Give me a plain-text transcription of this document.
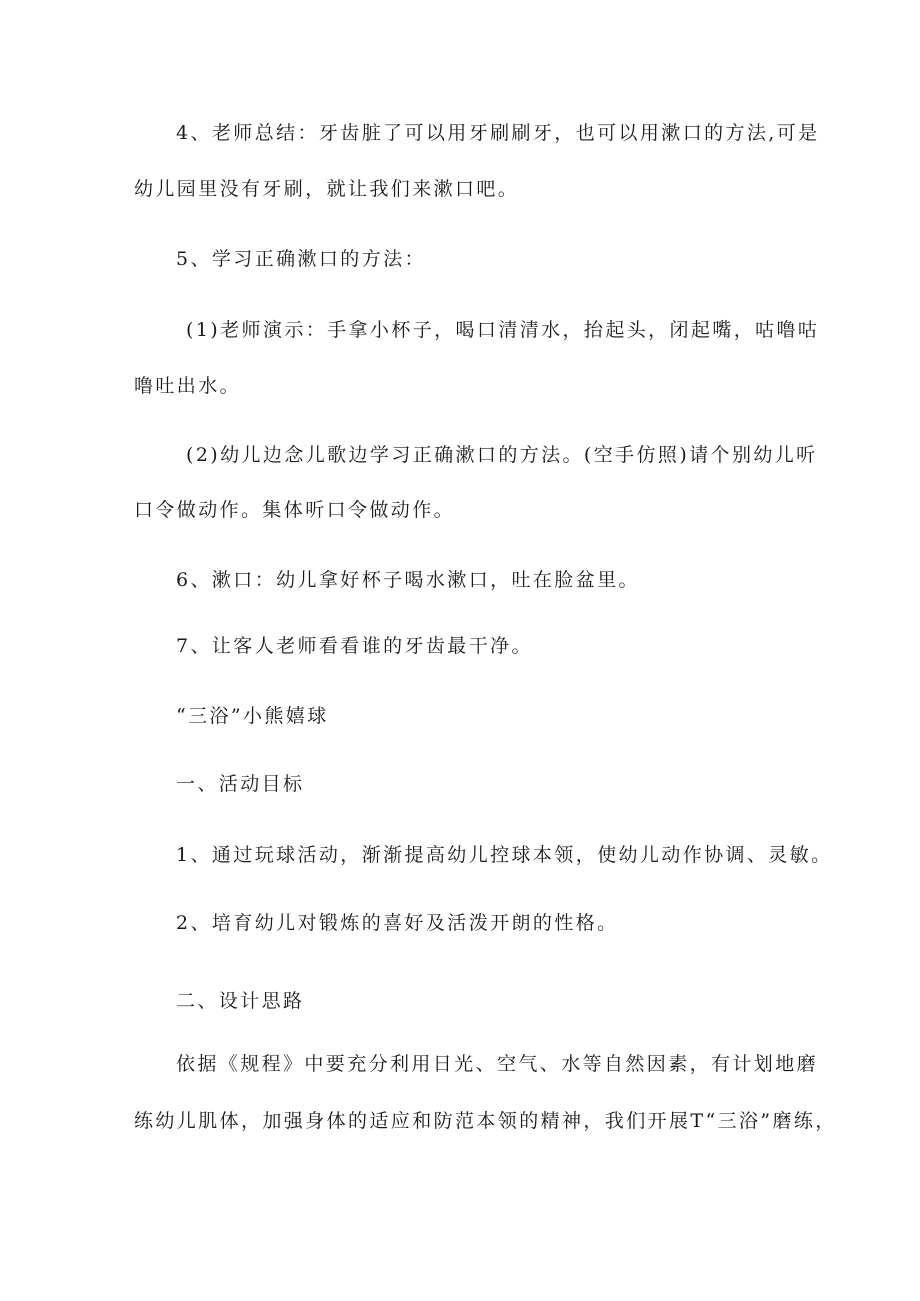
4、老师总结：牙齿脏了可以用牙刷刷牙，也可以用漱口的方法,可是
幼儿园里没有牙刷，就让我们来漱口吧。
5、学习正确漱口的方法：
(1)老师演示：手拿小杯子，喝口清清水，抬起头，闭起嘴，咕噜咕
噜吐出水。
(2)幼儿边念儿歌边学习正确漱口的方法。(空手仿照)请个别幼儿听
口令做动作。集体听口令做动作。
6、漱口：幼儿拿好杯子喝水漱口，吐在脸盆里。
7、让客人老师看看谁的牙齿最干净。
“三浴”小熊嬉球
一、活动目标
1、通过玩球活动，渐渐提高幼儿控球本领，使幼儿动作协调、灵敏。
2、培育幼儿对锻炼的喜好及活泼开朗的性格。
二、设计思路
依据《规程》中要充分利用日光、空气、水等自然因素，有计划地磨
练幼儿肌体，加强身体的适应和防范本领的精神，我们开展T“三浴”磨练，
